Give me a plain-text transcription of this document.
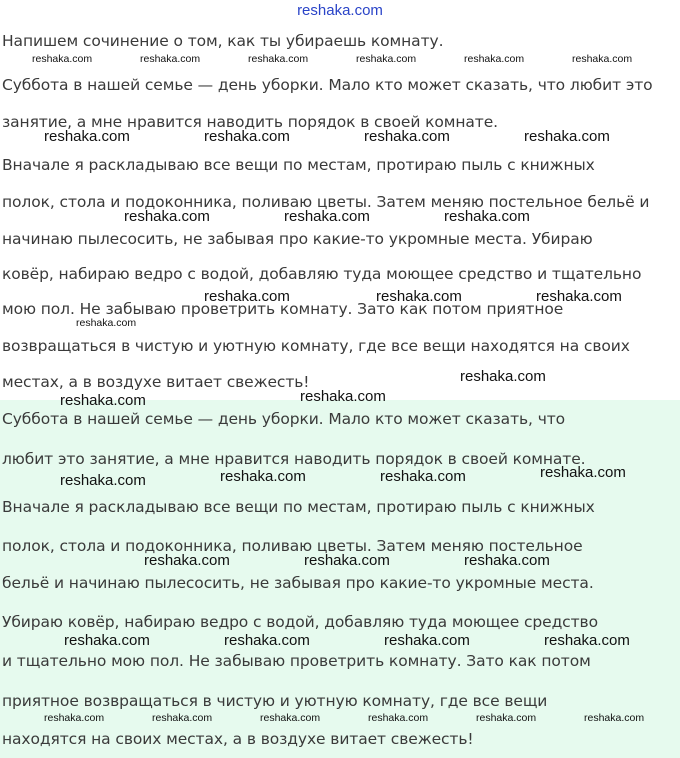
reshaka.com
Напишем сочинение о том, как ты убираешь комнату.
Суббота в нашей семье — день уборки. Мало кто может сказать, что любит это
занятие, а мне нравится наводить порядок в своей комнате.
Вначале я раскладываю все вещи по местам, протираю пыль с книжных
полок, стола и подоконника, поливаю цветы. Затем меняю постельное бельё и
начинаю пылесосить, не забывая про какие-то укромные места. Убираю
ковёр, набираю ведро с водой, добавляю туда моющее средство и тщательно
мою пол. Не забываю проветрить комнату. Зато как потом приятное
возвращаться в чистую и уютную комнату, где все вещи находятся на своих
местах, а в воздухе витает свежесть!
Суббота в нашей семье — день уборки. Мало кто может сказать, что
любит это занятие, а мне нравится наводить порядок в своей комнате.
Вначале я раскладываю все вещи по местам, протираю пыль с книжных
полок, стола и подоконника, поливаю цветы. Затем меняю постельное
бельё и начинаю пылесосить, не забывая про какие-то укромные места.
Убираю ковёр, набираю ведро с водой, добавляю туда моющее средство
и тщательно мою пол. Не забываю проветрить комнату. Зато как потом
приятное возвращаться в чистую и уютную комнату, где все вещи
находятся на своих местах, а в воздухе витает свежесть!
reshaka.com	reshaka.com	reshaka.com	reshaka.com	reshaka.com	reshaka.com
reshaka.com	reshaka.com	reshaka.com	reshaka.com
reshaka.com	reshaka.com	reshaka.com
reshaka.com	reshaka.com	reshaka.com
reshaka.com
reshaka.com
reshaka.com	reshaka.com
reshaka.com
reshaka.com	reshaka.com	reshaka.com
reshaka.com	reshaka.com	reshaka.com
reshaka.com	reshaka.com	reshaka.com	reshaka.com
reshaka.com	reshaka.com	reshaka.com	reshaka.com	reshaka.com	reshaka.com
